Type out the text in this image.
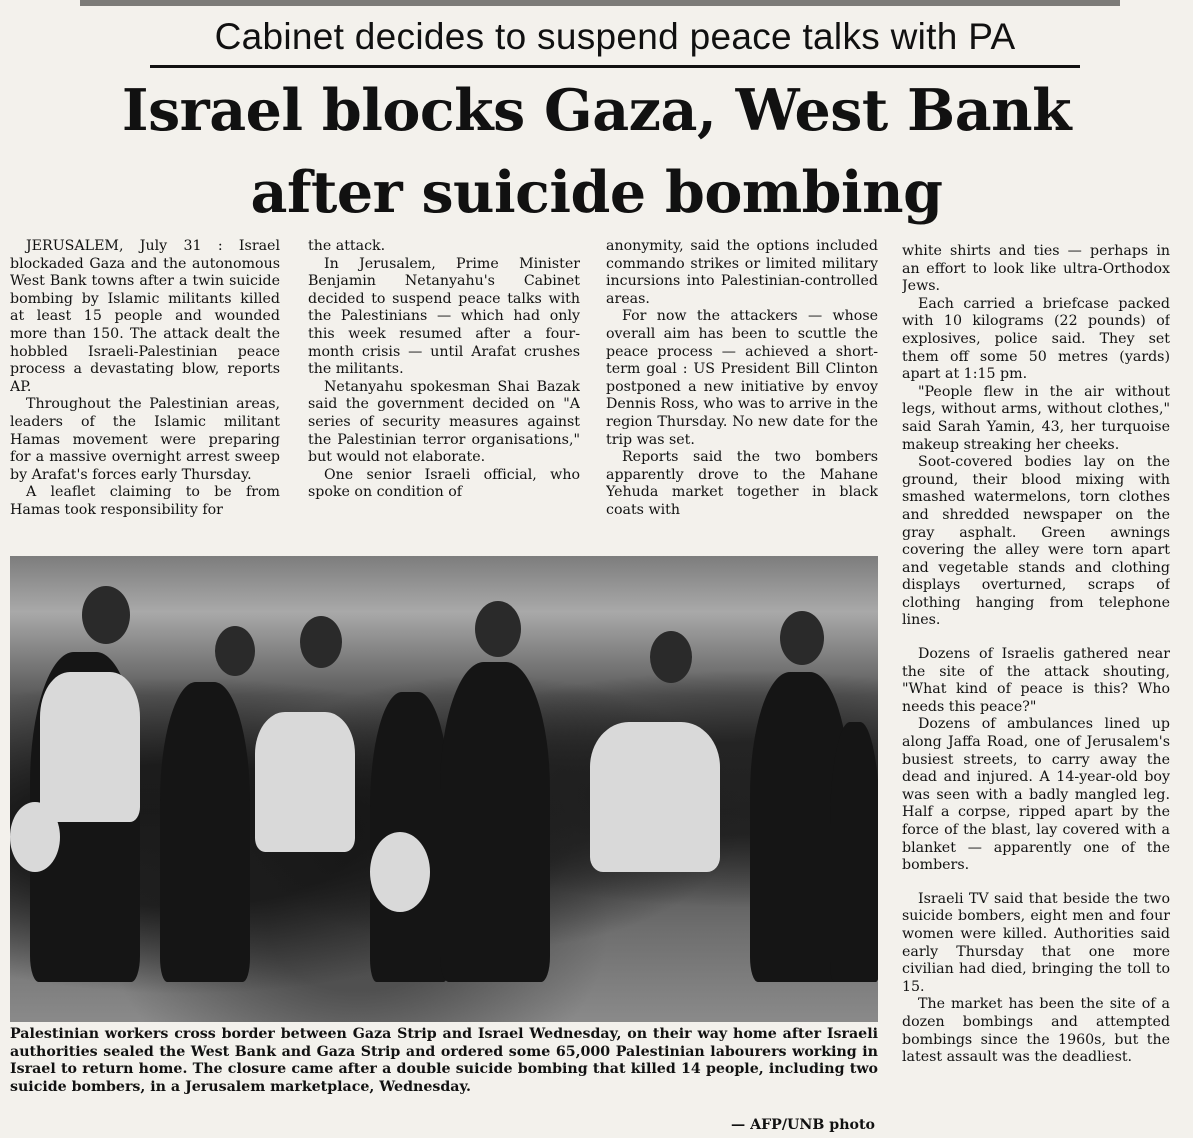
Cabinet decides to suspend peace talks with PA
Israel blocks Gaza, West Bank
after suicide bombing

JERUSALEM, July 31 : Israel blockaded Gaza and the autonomous West Bank towns after a twin suicide bombing by Islamic militants killed at least 15 people and wounded more than 150. The attack dealt the hobbled Israeli-Palestinian peace process a devastating blow, reports AP.

Throughout the Palestinian areas, leaders of the Islamic militant Hamas movement were preparing for a massive overnight arrest sweep by Arafat's forces early Thursday.

A leaflet claiming to be from Hamas took responsibility for

the attack.

In Jerusalem, Prime Minister Benjamin Netanyahu's Cabinet decided to suspend peace talks with the Palestinians — which had only this week resumed after a four-month crisis — until Arafat crushes the militants.

Netanyahu spokesman Shai Bazak said the government decided on "A series of security measures against the Palestinian terror organisations," but would not elaborate.

One senior Israeli official, who spoke on condition of

anonymity, said the options included commando strikes or limited military incursions into Palestinian-controlled areas.

For now the attackers — whose overall aim has been to scuttle the peace process — achieved a short-term goal : US President Bill Clinton postponed a new initiative by envoy Dennis Ross, who was to arrive in the region Thursday. No new date for the trip was set.

Reports said the two bombers apparently drove to the Mahane Yehuda market together in black coats with

white shirts and ties — perhaps in an effort to look like ultra-Orthodox Jews.

Each carried a briefcase packed with 10 kilograms (22 pounds) of explosives, police said. They set them off some 50 metres (yards) apart at 1:15 pm.

"People flew in the air without legs, without arms, without clothes," said Sarah Yamin, 43, her turquoise makeup streaking her cheeks.

Soot-covered bodies lay on the ground, their blood mixing with smashed watermelons, torn clothes and shredded newspaper on the gray asphalt. Green awnings covering the alley were torn apart and vegetable stands and clothing displays overturned, scraps of clothing hanging from telephone lines.

Dozens of Israelis gathered near the site of the attack shouting, "What kind of peace is this? Who needs this peace?"

Dozens of ambulances lined up along Jaffa Road, one of Jerusalem's busiest streets, to carry away the dead and injured. A 14-year-old boy was seen with a badly mangled leg. Half a corpse, ripped apart by the force of the blast, lay covered with a blanket — apparently one of the bombers.

Israeli TV said that beside the two suicide bombers, eight men and four women were killed. Authorities said early Thursday that one more civilian had died, bringing the toll to 15.

The market has been the site of a dozen bombings and attempted bombings since the 1960s, but the latest assault was the deadliest.

Palestinian workers cross border between Gaza Strip and Israel Wednesday, on their way home after Israeli authorities sealed the West Bank and Gaza Strip and ordered some 65,000 Palestinian labourers working in Israel to return home. The closure came after a double suicide bombing that killed 14 people, including two suicide bombers, in a Jerusalem marketplace, Wednesday.
— AFP/UNB photo
